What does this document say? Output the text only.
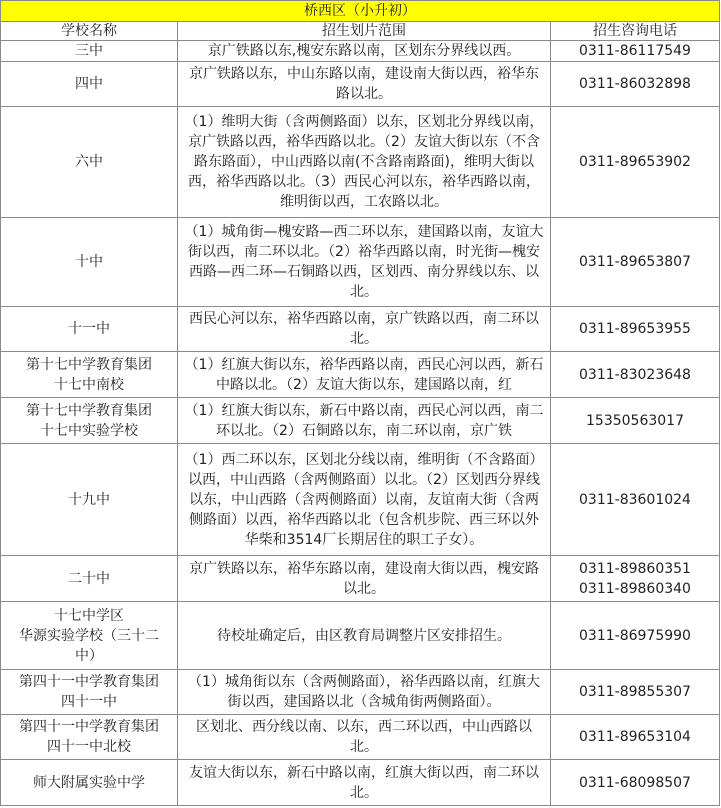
桥西区（小升初）		
学校名称	招生划片范围	招生咨询电话

三中	京广铁路以东,槐安东路以南，区划东分界线以西。	0311-86117549

四中	京广铁路以东，中山东路以南，建设南大街以西，裕华东路以北。	0311-86032898

六中	（1）维明大街（含两侧路面）以东，区划北分界线以南，京广铁路以西，裕华西路以北。（2）友谊大街以东（不含路东路面），中山西路以南(不含路南路面)，维明大街以西，裕华西路以北。（3）西民心河以东，裕华西路以南，维明街以西，工农路以北。	0311-89653902

十中	（1）城角街—槐安路—西二环以东，建国路以南，友谊大街以西，南二环以北。（2）裕华西路以南，时光街—槐安西路—西二环—石铜路以西，区划西、南分界线以东、以北。	0311-89653807

十一中	西民心河以东，裕华西路以南，京广铁路以西，南二环以北。	0311-89653955

第十七中学教育集团
十七中南校	（1）红旗大街以东，裕华西路以南，西民心河以西，新石中路以北。（2）友谊大街以东，建国路以南，红	0311-83023648

第十七中学教育集团
十七中实验学校	（1）红旗大街以东，新石中路以南，西民心河以西，南二环以北。（2）石铜路以东，南二环以南，京广铁	15350563017

十九中	（1）西二环以东，区划北分线以南，维明街（不含路面）以西，中山西路（含两侧路面）以北。（2）区划西分界线以东，中山西路（含两侧路面）以南，友谊南大街（含两侧路面）以西，裕华西路以北（包含机步院、西三环以外华柴和3514厂长期居住的职工子女）。	0311-83601024

二十中	京广铁路以东，裕华东路以南，建设南大街以西，槐安路以北。	0311-89860351
0311-89860340

十七中学区
华源实验学校（三十二
中）	待校址确定后，由区教育局调整片区安排招生。	0311-86975990

第四十一中学教育集团
四十一中	（1）城角街以东（含两侧路面），裕华西路以南，红旗大街以西，建国路以北（含城角街两侧路面）。	0311-89855307

第四十一中学教育集团
四十一中北校	区划北、西分线以南、以东，西二环以西，中山西路以北。	0311-89653104

师大附属实验中学	友谊大街以东，新石中路以南，红旗大街以西，南二环以北。	0311-68098507
